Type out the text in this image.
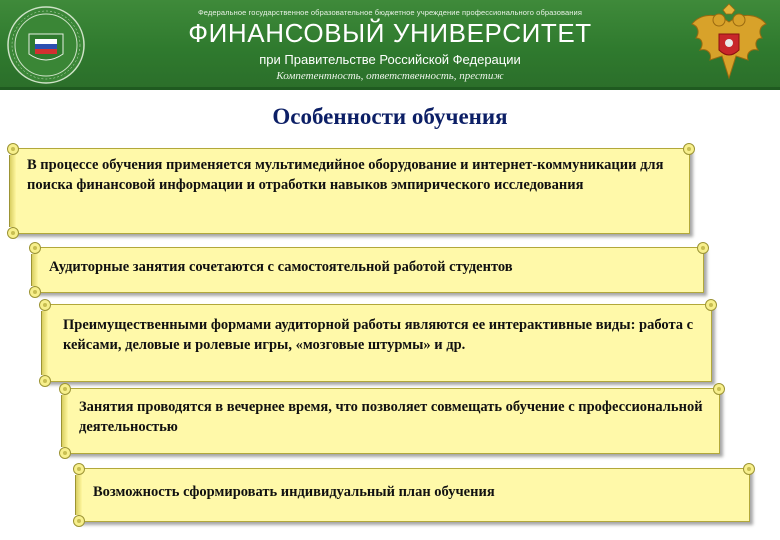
Федеральное государственное образовательное бюджетное учреждение профессионального образования
ФИНАНСОВЫЙ УНИВЕРСИТЕТ
при Правительстве Российской Федерации
Компетентность, ответственность, престиж
Особенности обучения
В процессе обучения применяется мультимедийное оборудование и интернет-коммуникации для поиска финансовой информации и отработки навыков эмпирического исследования
Аудиторные занятия сочетаются с самостоятельной работой студентов
Преимущественными формами аудиторной работы являются ее интерактивные виды: работа с кейсами, деловые и ролевые игры, «мозговые штурмы» и др.
Занятия проводятся в вечернее время, что позволяет совмещать обучение с профессиональной деятельностью
Возможность сформировать индивидуальный план обучения
